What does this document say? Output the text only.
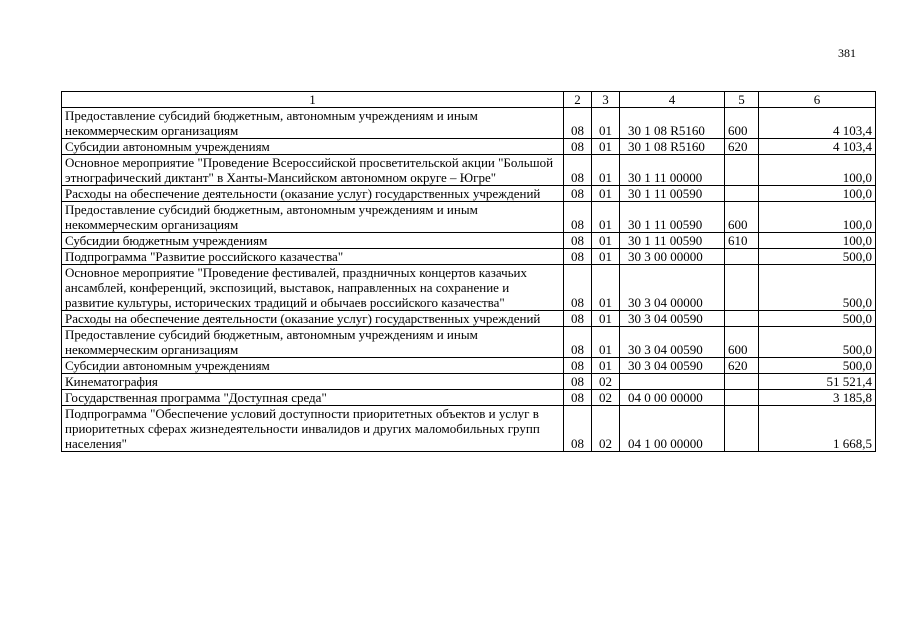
381
1	2	3	4	5	6
Предоставление субсидий бюджетным, автономным учреждениям и иным некоммерческим организациям	08	01	30 1 08 R5160	600	4 103,4
Субсидии автономным учреждениям	08	01	30 1 08 R5160	620	4 103,4
Основное мероприятие "Проведение Всероссийской просветительской акции "Большой этнографический диктант" в Ханты-Мансийском автономном округе – Югре"	08	01	30 1 11 00000		100,0
Расходы на обеспечение деятельности (оказание услуг) государственных учреждений	08	01	30 1 11 00590		100,0
Предоставление субсидий бюджетным, автономным учреждениям и иным некоммерческим организациям	08	01	30 1 11 00590	600	100,0
Субсидии бюджетным учреждениям	08	01	30 1 11 00590	610	100,0
Подпрограмма "Развитие российского казачества"	08	01	30 3 00 00000		500,0
Основное мероприятие "Проведение фестивалей, праздничных концертов казачьих ансамблей, конференций, экспозиций, выставок, направленных на сохранение и развитие культуры, исторических традиций и обычаев российского казачества"	08	01	30 3 04 00000		500,0
Расходы на обеспечение деятельности (оказание услуг) государственных учреждений	08	01	30 3 04 00590		500,0
Предоставление субсидий бюджетным, автономным учреждениям и иным некоммерческим организациям	08	01	30 3 04 00590	600	500,0
Субсидии автономным учреждениям	08	01	30 3 04 00590	620	500,0
Кинематография	08	02			51 521,4
Государственная программа "Доступная среда"	08	02	04 0 00 00000		3 185,8
Подпрограмма "Обеспечение условий доступности приоритетных объектов и услуг в приоритетных сферах жизнедеятельности инвалидов и других маломобильных групп населения"	08	02	04 1 00 00000		1 668,5
